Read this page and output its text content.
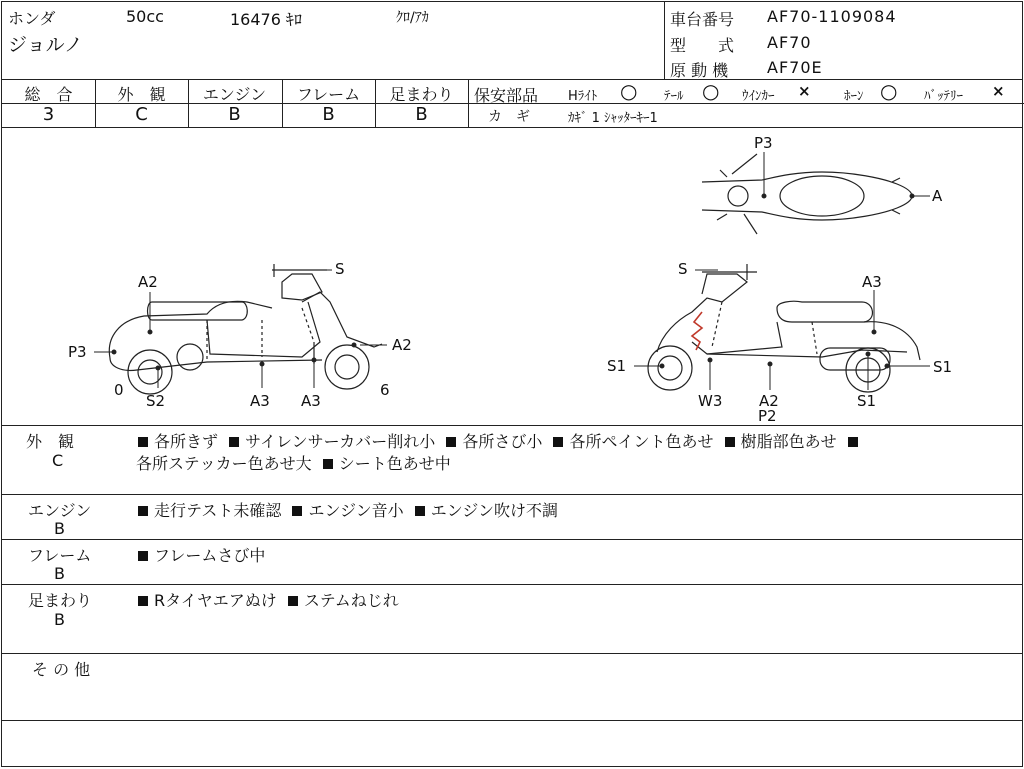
ホンダ	50cc	16476 ｷﾛ	ｸﾛ/ｱｶ
ジョルノ
車台番号 AF70-1109084
型　　式 AF70
原 動 機 AF70E
総　合	外　観	エンジン	フレーム	足まわり
3	C	B	B	B
保安部品 Hﾗｲﾄ ○ ﾃｰﾙ ○ ｳｲﾝｶｰ ×	ﾎｰﾝ ○ ﾊﾞｯﾃﾘｰ ×
カ　ギ	ｶｷﾞ 1 ｼｬｯﾀｰｷｰ1
A2
S
P3	A2
0
S2	A3 A3
6
P3
A
S
A3
S1	S1
W3 A2
P2
S1
外　観
C
各所きず サイレンサーカバー削れ小 各所さび小 各所ペイント色あせ 樹脂部色あせ
各所ステッカー色あせ大 シート色あせ中
エンジン
B
走行テスト未確認 エンジン音小 エンジン吹け不調
フレーム
B
フレームさび中
足まわり
B
Rタイヤエアぬけ ステムねじれ
そ の 他
